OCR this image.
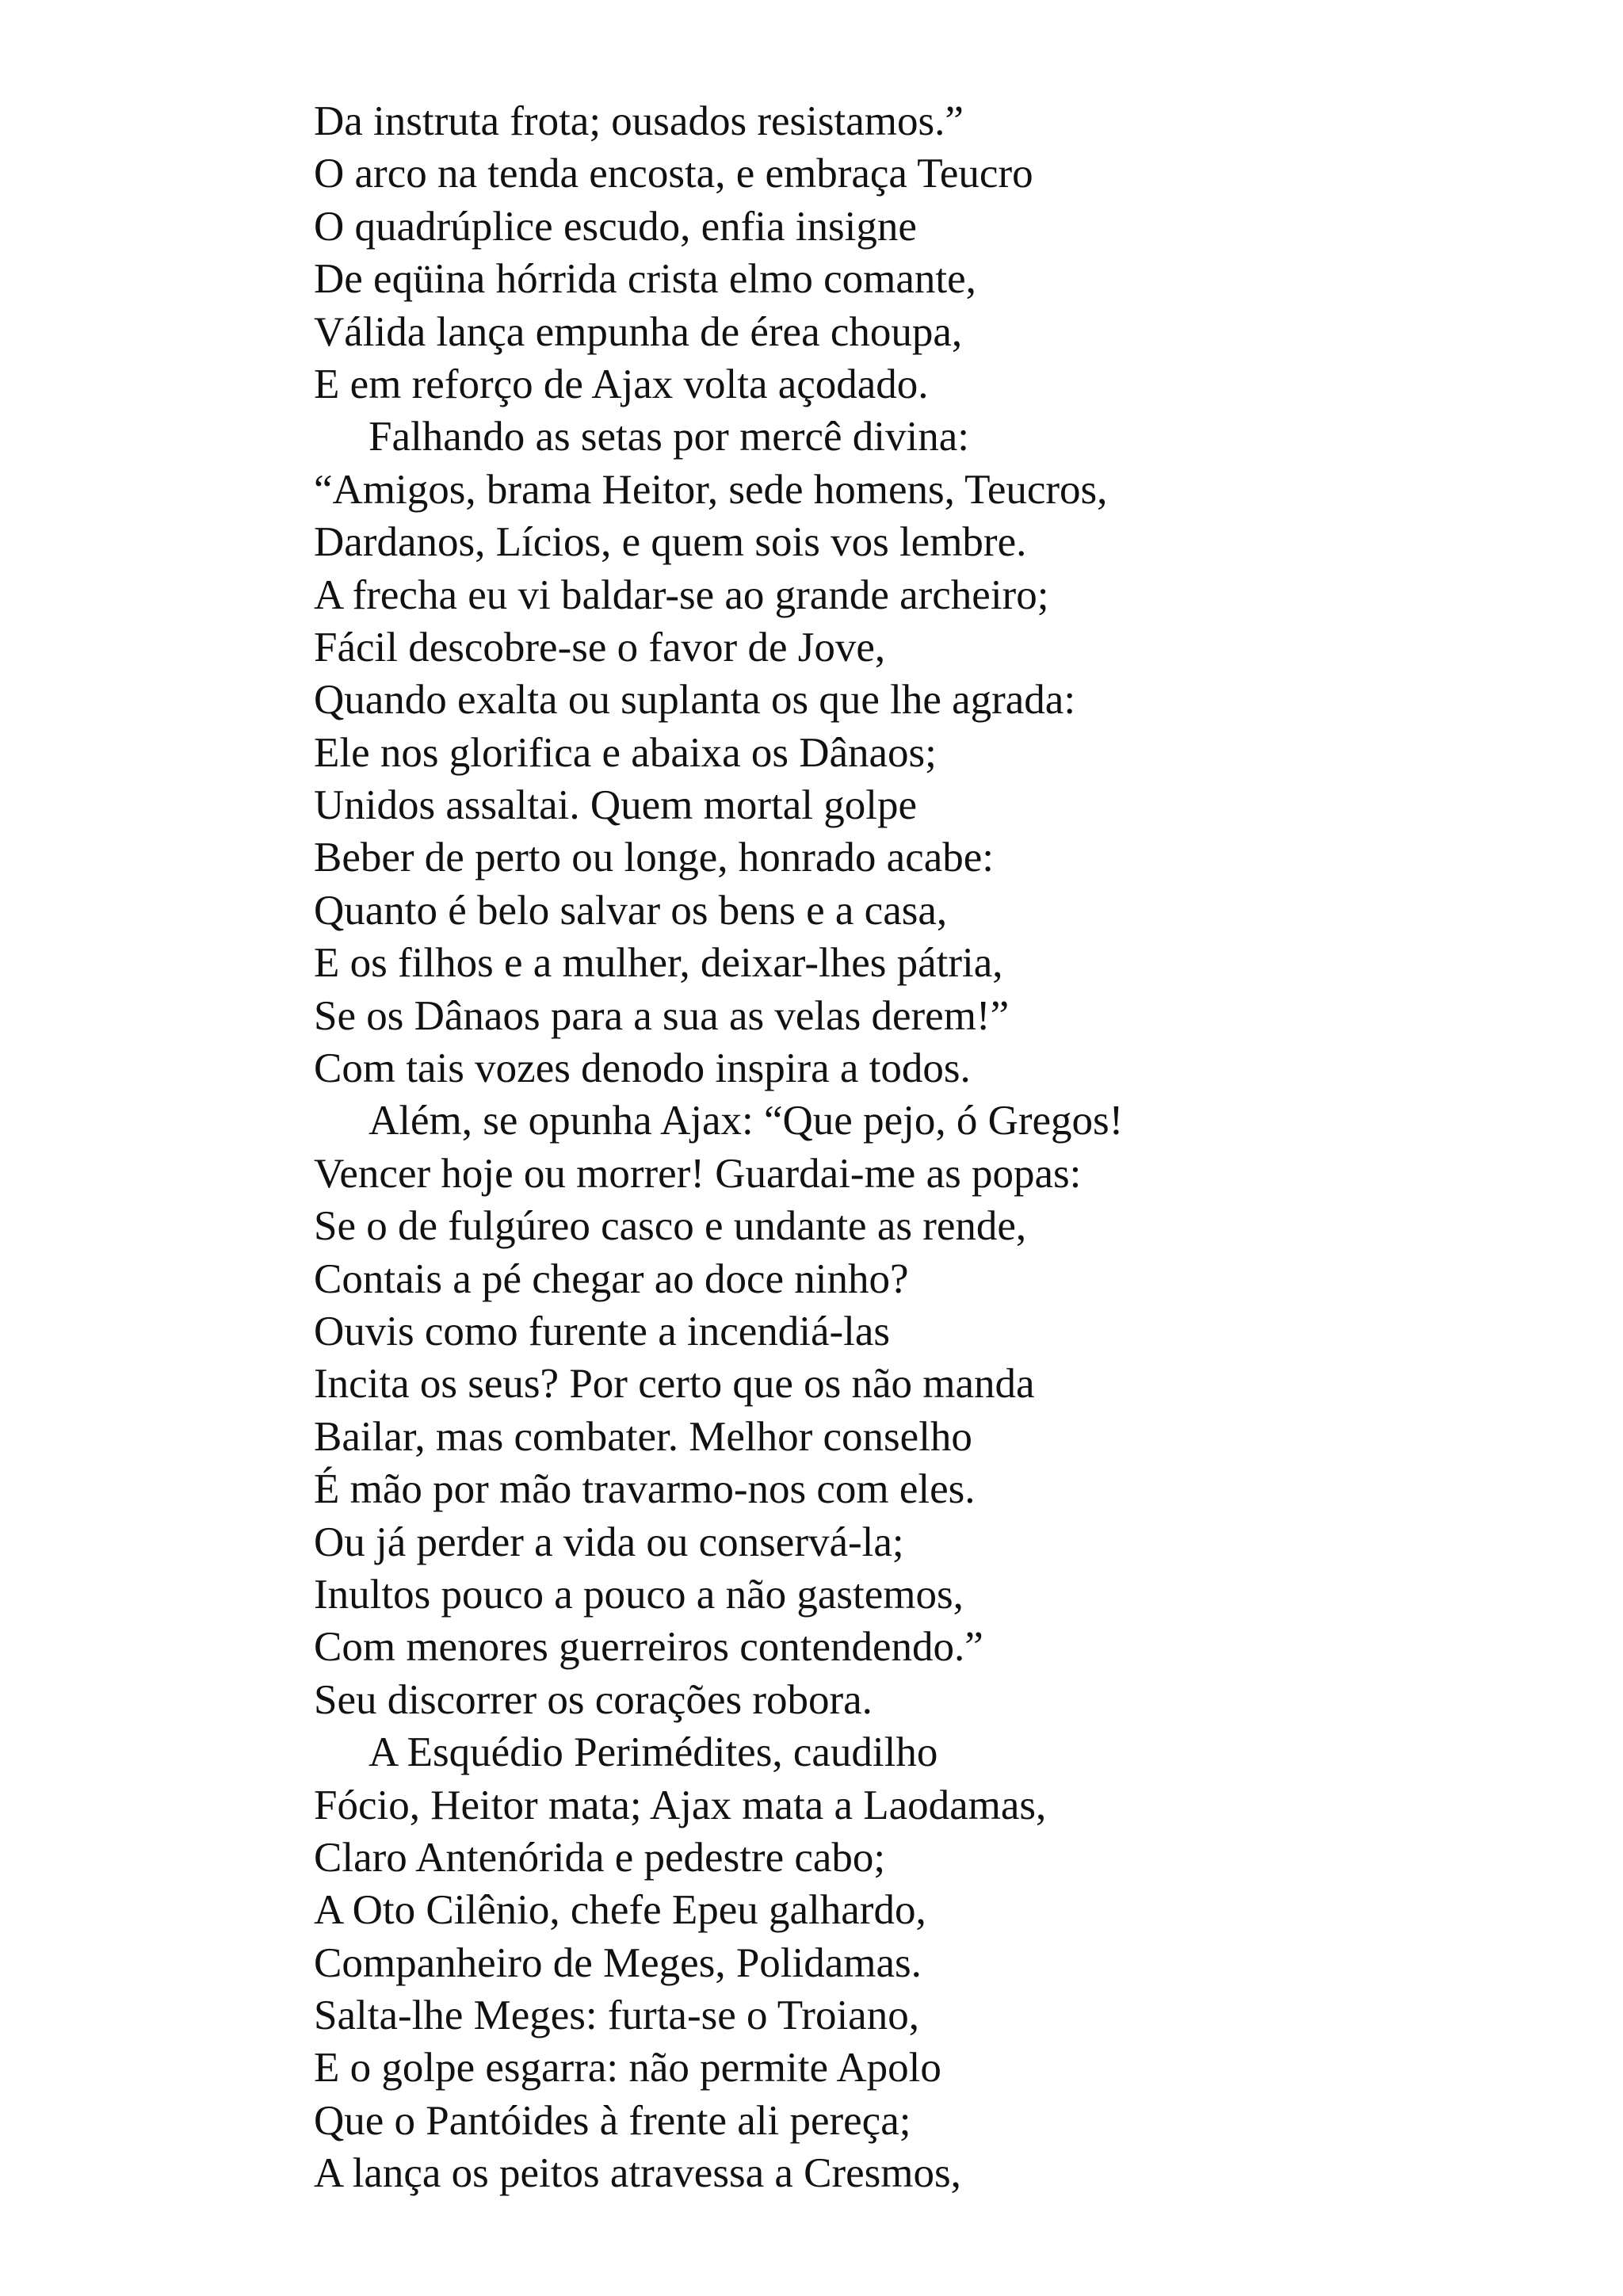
Da instruta frota; ousados resistamos.”
O arco na tenda encosta, e embraça Teucro
O quadrúplice escudo, enfia insigne
De eqüina hórrida crista elmo comante,
Válida lança empunha de érea choupa,
E em reforço de Ajax volta açodado.
Falhando as setas por mercê divina:
“Amigos, brama Heitor, sede homens, Teucros,
Dardanos, Lícios, e quem sois vos lembre.
A frecha eu vi baldar-se ao grande archeiro;
Fácil descobre-se o favor de Jove,
Quando exalta ou suplanta os que lhe agrada:
Ele nos glorifica e abaixa os Dânaos;
Unidos assaltai. Quem mortal golpe
Beber de perto ou longe, honrado acabe:
Quanto é belo salvar os bens e a casa,
E os filhos e a mulher, deixar-lhes pátria,
Se os Dânaos para a sua as velas derem!”
Com tais vozes denodo inspira a todos.
Além, se opunha Ajax: “Que pejo, ó Gregos!
Vencer hoje ou morrer! Guardai-me as popas:
Se o de fulgúreo casco e undante as rende,
Contais a pé chegar ao doce ninho?
Ouvis como furente a incendiá-las
Incita os seus? Por certo que os não manda
Bailar, mas combater. Melhor conselho
É mão por mão travarmo-nos com eles.
Ou já perder a vida ou conservá-la;
Inultos pouco a pouco a não gastemos,
Com menores guerreiros contendendo.”
Seu discorrer os corações robora.
A Esquédio Perimédites, caudilho
Fócio, Heitor mata; Ajax mata a Laodamas,
Claro Antenórida e pedestre cabo;
A Oto Cilênio, chefe Epeu galhardo,
Companheiro de Meges, Polidamas.
Salta-lhe Meges: furta-se o Troiano,
E o golpe esgarra: não permite Apolo
Que o Pantóides à frente ali pereça;
A lança os peitos atravessa a Cresmos,
